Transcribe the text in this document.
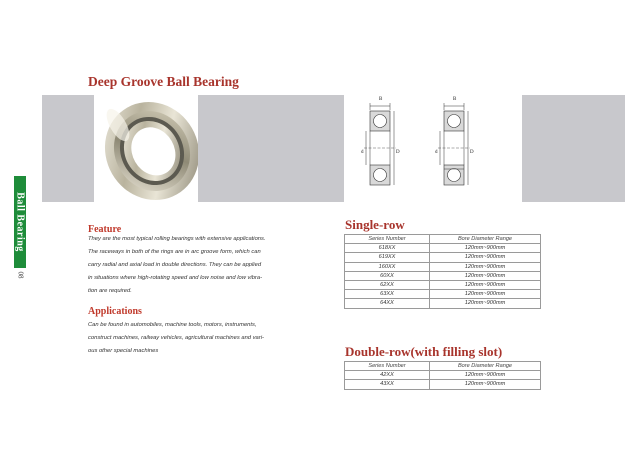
Deep Groove Ball Bearing
B	B
d	D	d	D
Ball Bearing
08
Feature
They are the most typical rolling bearings with extensive applications.
The raceways in both of the rings are in arc groove form, which can
carry radial and axial load in double directions. They can be applied
in situations where high-rotating speed and low noise and low vibra-
tion are required.
Applications
Can be found in automobiles, machine tools, motors, instruments,
construct machines, railway vehicles, agricultural machines and vari-
ous other special machines
Single-row
Series Number	Bore Diameter Range
618XX	120mm~900mm
619XX	120mm~900mm
160XX	120mm~900mm
60XX	120mm~900mm
62XX	120mm~900mm
63XX	120mm~900mm
64XX	120mm~900mm
Double-row(with filling slot)
Series Number	Bore Diameter Range
42XX	120mm~900mm
43XX	120mm~900mm
